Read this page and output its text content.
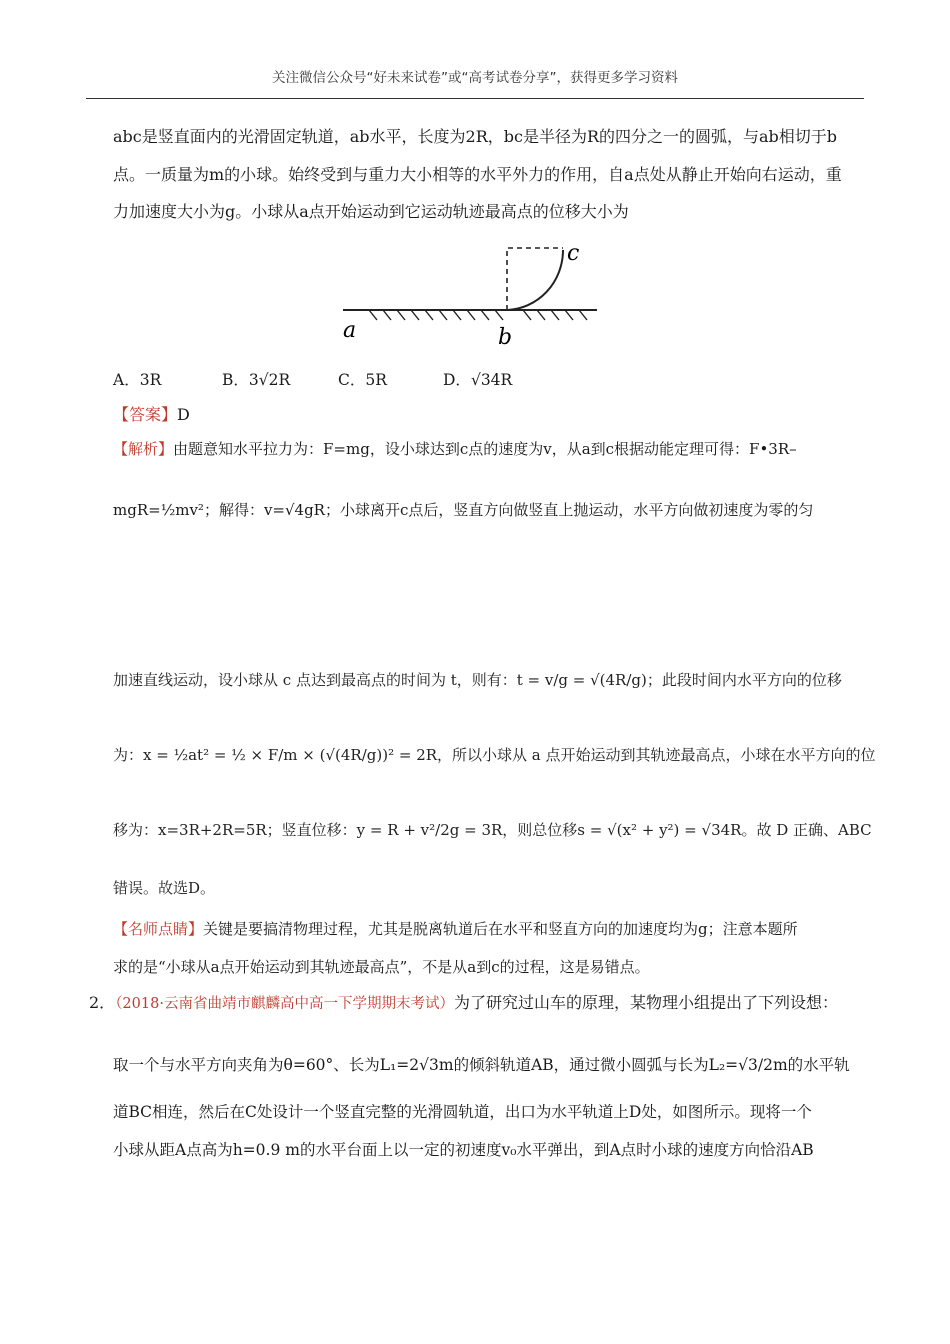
关注微信公众号“好未来试卷”或“高考试卷分享”，获得更多学习资料
abc是竖直面内的光滑固定轨道，ab水平，长度为2R，bc是半径为R的四分之一的圆弧，与ab相切于b
点。一质量为m的小球。始终受到与重力大小相等的水平外力的作用，自a点处从静止开始向右运动，重
力加速度大小为g。小球从a点开始运动到它运动轨迹最高点的位移大小为
a	b
c
A．3R	B．3√2R	C．5R	D．√34R
【答案】D
【解析】由题意知水平拉力为：F=mg，设小球达到c点的速度为v，从a到c根据动能定理可得：F•3R–
mgR=½mv²；解得：v=√4gR；小球离开c点后，竖直方向做竖直上抛运动，水平方向做初速度为零的匀
加速直线运动，设小球从 c 点达到最高点的时间为 t，则有：t = v/g = √(4R/g)；此段时间内水平方向的位移
为：x = ½at² = ½ × F/m × (√(4R/g))² = 2R，所以小球从 a 点开始运动到其轨迹最高点，小球在水平方向的位
移为：x=3R+2R=5R；竖直位移：y = R + v²/2g = 3R，则总位移s = √(x² + y²) = √34R。故 D 正确、ABC
错误。故选D。
【名师点睛】关键是要搞清物理过程，尤其是脱离轨道后在水平和竖直方向的加速度均为g；注意本题所
求的是“小球从a点开始运动到其轨迹最高点”，不是从a到c的过程，这是易错点。
2．（2018·云南省曲靖市麒麟高中高一下学期期末考试）为了研究过山车的原理，某物理小组提出了下列设想：
取一个与水平方向夹角为θ=60°、长为L₁=2√3m的倾斜轨道AB，通过微小圆弧与长为L₂=√3/2m的水平轨
道BC相连，然后在C处设计一个竖直完整的光滑圆轨道，出口为水平轨道上D处，如图所示。现将一个
小球从距A点高为h=0.9 m的水平台面上以一定的初速度v₀水平弹出，到A点时小球的速度方向恰沿AB
